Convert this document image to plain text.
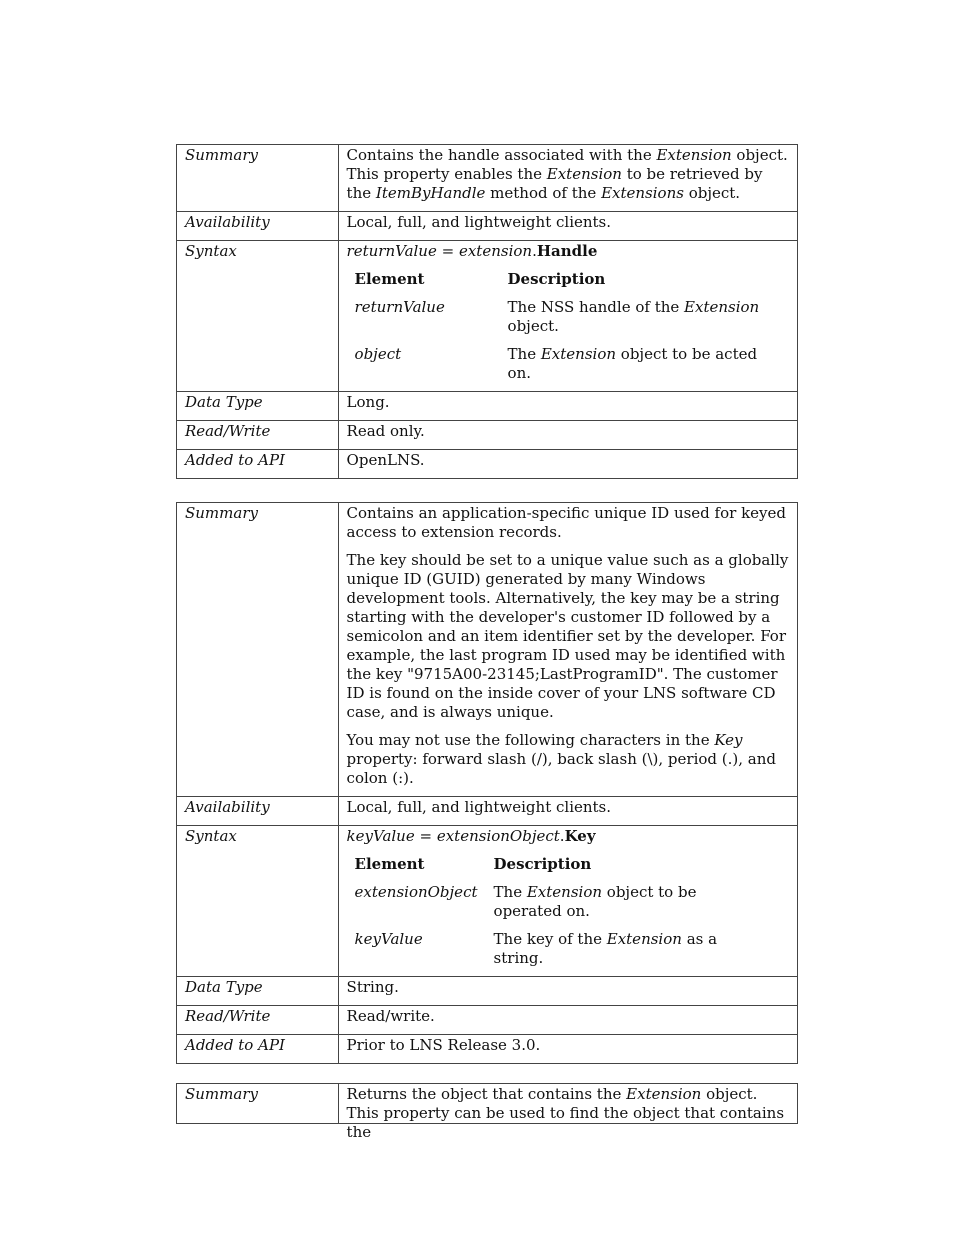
Summary	Contains the handle associated with the Extension object. This property enables the Extension to be retrieved by the ItemByHandle method of the Extensions object.
Availability	Local, full, and lightweight clients.
Syntax	returnValue = extension.Handle
Element	Description
returnValue	The NSS handle of the Extension object.
object	The Extension object to be acted on.

Data Type	Long.
Read/Write	Read only.
Added to API	OpenLNS.
Summary	Contains an application-specific unique ID used for keyed access to extension records.

The key should be set to a unique value such as a globally unique ID (GUID) generated by many Windows development tools. Alternatively, the key may be a string starting with the developer's customer ID followed by a semicolon and an item identifier set by the developer. For example, the last program ID used may be identified with the key "9715A00-23145;LastProgramID". The customer ID is found on the inside cover of your LNS software CD case, and is always unique.

You may not use the following characters in the Key property: forward slash (/), back slash (\), period (.), and colon (:).

Availability	Local, full, and lightweight clients.
Syntax	keyValue = extensionObject.Key
Element	Description
extensionObject	The Extension object to be operated on.
keyValue	The key of the Extension as a string.

Data Type	String.
Read/Write	Read/write.
Added to API	Prior to LNS Release 3.0.
Summary	Returns the object that contains the Extension object. This property can be used to find the object that contains the
